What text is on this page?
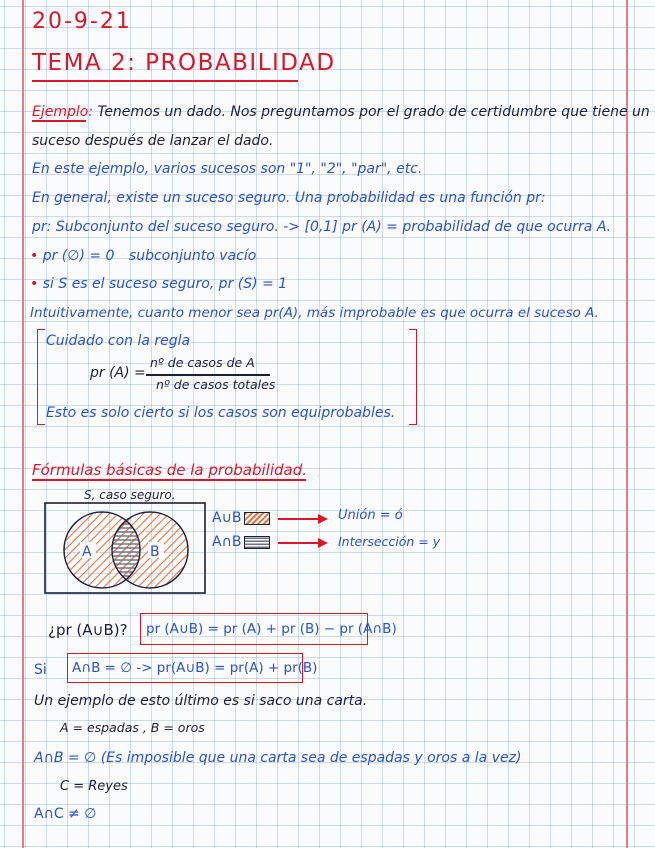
20-9-21
TEMA 2: PROBABILIDAD
Ejemplo: Tenemos un dado. Nos preguntamos por el grado de certidumbre que tiene un
suceso después de lanzar el dado.
En este ejemplo, varios sucesos son "1", "2", "par", etc.
En general, existe un suceso seguro. Una probabilidad es una función pr:
pr: Subconjunto del suceso seguro. -> [0,1] pr (A) = probabilidad de que ocurra A.
• pr (∅) = 0 subconjunto vacío
• si S es el suceso seguro, pr (S) = 1
Intuitivamente, cuanto menor sea pr(A), más improbable es que ocurra el suceso A.
Cuidado con la regla
pr (A) =
nº de casos de A
nº de casos totales
Esto es solo cierto si los casos son equiprobables.
Fórmulas básicas de la probabilidad.
S, caso seguro.
A	B
A∪B	Unión = ó
A∩B	Intersección = y
¿pr (A∪B)? pr (A∪B) = pr (A) + pr (B) − pr (A∩B)
Si A∩B = ∅ -> pr(A∪B) = pr(A) + pr(B)
Un ejemplo de esto último es si saco una carta.
A = espadas , B = oros
A∩B = ∅ (Es imposible que una carta sea de espadas y oros a la vez)
C = Reyes
A∩C ≠ ∅
